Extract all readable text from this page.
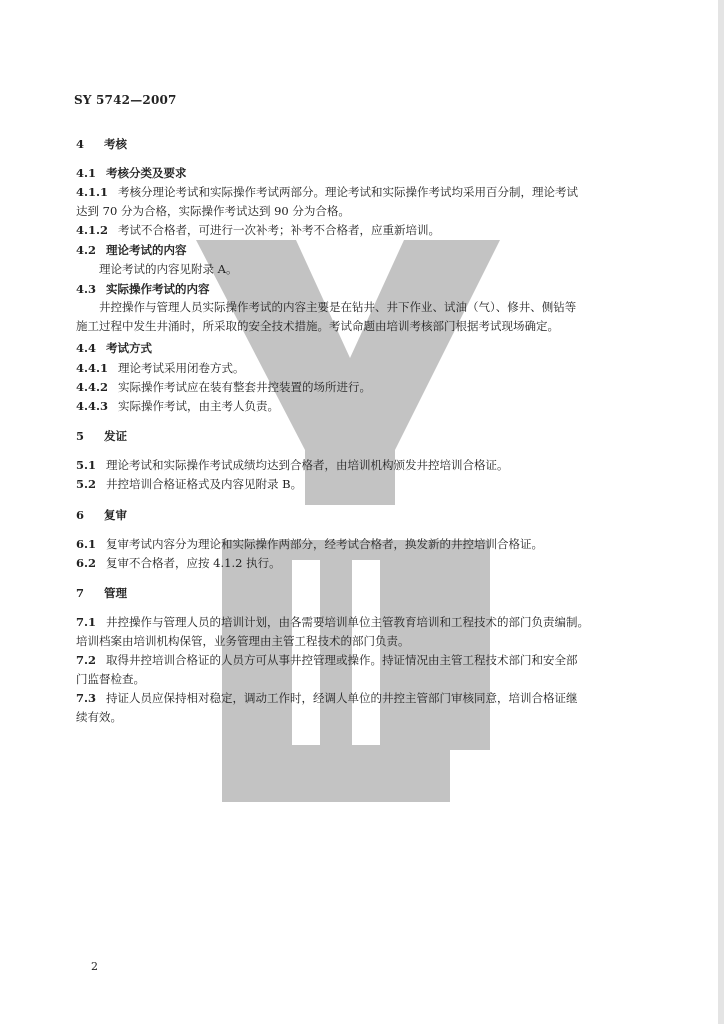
SY 5742—2007
4 考核
4.1 考核分类及要求
4.1.1 考核分理论考试和实际操作考试两部分。理论考试和实际操作考试均采用百分制，理论考试
达到 70 分为合格，实际操作考试达到 90 分为合格。
4.1.2 考试不合格者，可进行一次补考；补考不合格者，应重新培训。
4.2 理论考试的内容
理论考试的内容见附录 A。
4.3 实际操作考试的内容
井控操作与管理人员实际操作考试的内容主要是在钻井、井下作业、试油（气）、修井、侧钻等
施工过程中发生井涌时，所采取的安全技术措施。考试命题由培训考核部门根据考试现场确定。
4.4 考试方式
4.4.1 理论考试采用闭卷方式。
4.4.2 实际操作考试应在装有整套井控装置的场所进行。
4.4.3 实际操作考试，由主考人负责。
5 发证
5.1 理论考试和实际操作考试成绩均达到合格者，由培训机构颁发井控培训合格证。
5.2 井控培训合格证格式及内容见附录 B。
6 复审
6.1 复审考试内容分为理论和实际操作两部分，经考试合格者，换发新的井控培训合格证。
6.2 复审不合格者，应按 4.1.2 执行。
7 管理
7.1 井控操作与管理人员的培训计划，由各需要培训单位主管教育培训和工程技术的部门负责编制。
培训档案由培训机构保管，业务管理由主管工程技术的部门负责。
7.2 取得井控培训合格证的人员方可从事井控管理或操作。持证情况由主管工程技术部门和安全部
门监督检查。
7.3 持证人员应保持相对稳定，调动工作时，经调人单位的井控主管部门审核同意，培训合格证继
续有效。
2
